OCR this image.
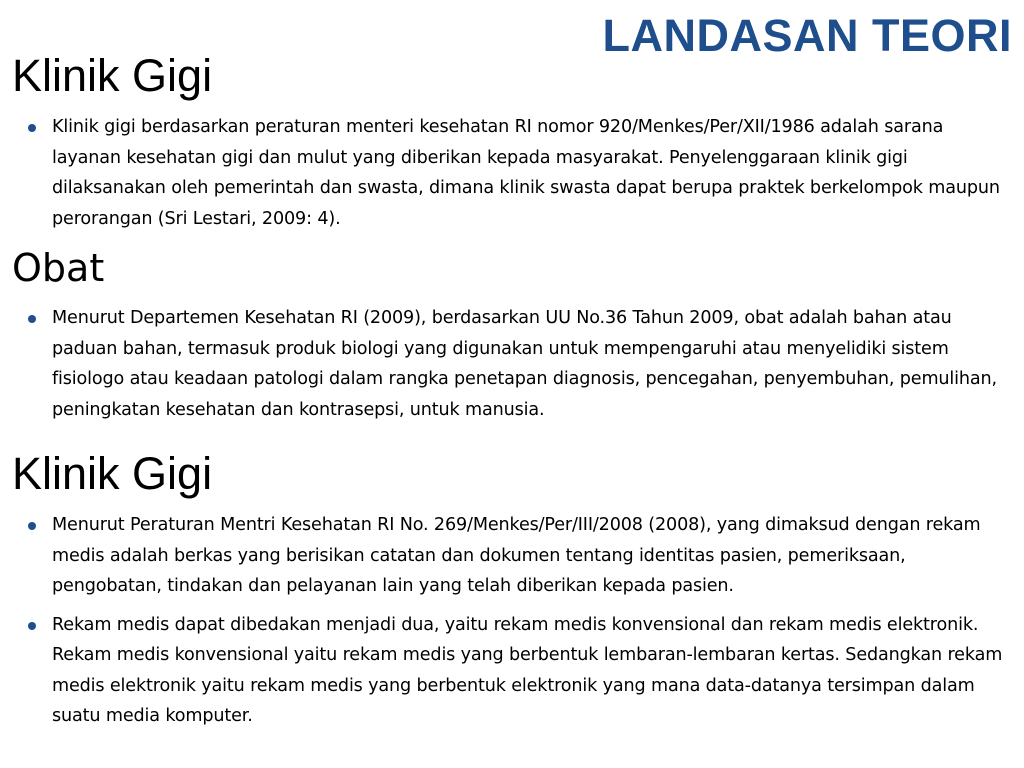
LANDASAN TEORI
Klinik Gigi
Klinik gigi berdasarkan peraturan menteri kesehatan RI nomor 920/Menkes/Per/XII/1986 adalah sarana layanan kesehatan gigi dan mulut yang diberikan kepada masyarakat. Penyelenggaraan klinik gigi dilaksanakan oleh pemerintah dan swasta, dimana klinik swasta dapat berupa praktek berkelompok maupun perorangan (Sri Lestari, 2009: 4).
Obat
Menurut Departemen Kesehatan RI (2009), berdasarkan UU No.36 Tahun 2009, obat adalah bahan atau paduan bahan, termasuk produk biologi yang digunakan untuk mempengaruhi atau menyelidiki sistem fisiologo atau keadaan patologi dalam rangka penetapan diagnosis, pencegahan, penyembuhan, pemulihan, peningkatan kesehatan dan kontrasepsi, untuk manusia.
Klinik Gigi
Menurut Peraturan Mentri Kesehatan RI No. 269/Menkes/Per/III/2008 (2008), yang dimaksud dengan rekam medis adalah berkas yang berisikan catatan dan dokumen tentang identitas pasien, pemeriksaan, pengobatan, tindakan dan pelayanan lain yang telah diberikan kepada pasien.
Rekam medis dapat dibedakan menjadi dua, yaitu rekam medis konvensional dan rekam medis elektronik. Rekam medis konvensional yaitu rekam medis yang berbentuk lembaran-lembaran kertas. Sedangkan rekam medis elektronik yaitu rekam medis yang berbentuk elektronik yang mana data-datanya tersimpan dalam suatu media komputer.
